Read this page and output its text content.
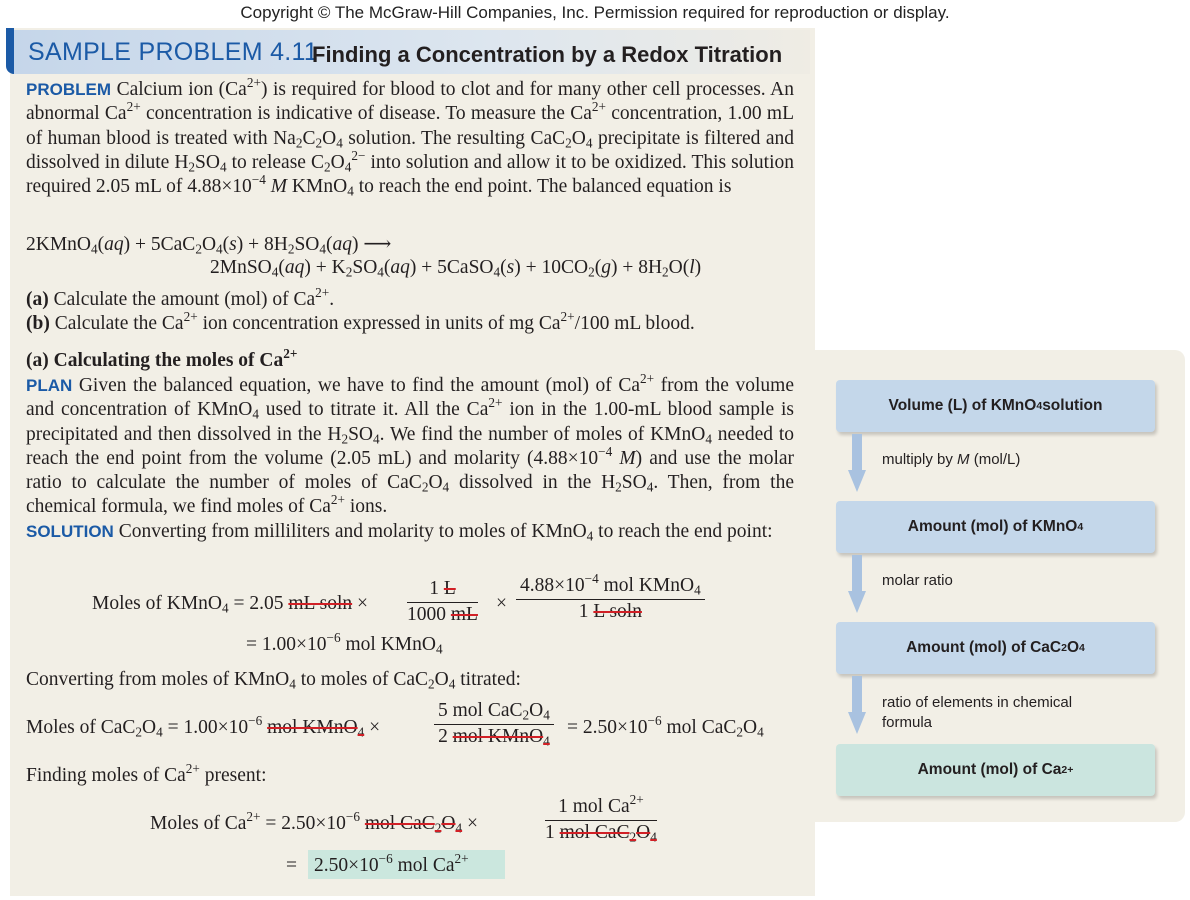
Copyright © The McGraw-Hill Companies, Inc. Permission required for reproduction or display.
SAMPLE PROBLEM 4.11
Finding a Concentration by a Redox Titration
PROBLEM Calcium ion $(Ca^{2+})$ is required for blood to clot and for many other cell processes. An abnormal $Ca^{2+}$ concentration is indicative of disease. To measure the $Ca^{2+}$ concentration, 1.00 mL of human blood is treated with $Na_2C_2O_4$ solution. The resulting $CaC_2O_4$ precipitate is filtered and dissolved in dilute $H_2SO_4$ to release $C_2O_4^{2-}$ into solution and allow it to be oxidized. This solution required 2.05 mL of $4.88\times 10^{-4}$ M KMnO$_4$ to reach the end point. The balanced equation is
2KMnO$_4$(aq) + $5CaC_2O_4(s) + 8H_2SO_4(aq)$ ⟶
2MnSO$_4$(aq) + $K_2SO_4(aq)$ + 5CaSO$_4$(s) + $10CO_2(g) + 8H_2O(l)$
(a) Calculate the amount (mol) of $Ca^{2+}$.
(b) Calculate the $Ca^{2+}$ ion concentration expressed in units of mg $Ca^{2+}/100$ mL blood.
(a) Calculating the moles of $Ca^{2+}$
PLAN Given the balanced equation, we have to find the amount (mol) of $Ca^{2+}$ from the volume and concentration of KMnO$_4$ used to titrate it. All the $Ca^{2+}$ ion in the 1.00-mL blood sample is precipitated and then dissolved in the $H_2SO_4$. We find the number of moles of KMnO$_4$ needed to reach the end point from the volume (2.05 mL) and molarity ($4.88\times 10^{-4}$ M) and use the molar ratio to calculate the number of moles of $CaC_2O_4$ dissolved in the $H_2SO_4$. Then, from the chemical formula, we find moles of $Ca^{2+}$ ions.
SOLUTION Converting from milliliters and molarity to moles of KMnO$_4$ to reach the end point:
Moles of KMnO$_4$ = 2.05 mL $soln \times \frac{1 L}{1000 mL}$ ×
$4.88\times 10^{-4}$ mol KMnO$_4$
1 L soln
= $1.00\times 10^{-6}$ mol KMnO$_4$
Converting from moles of KMnO$_4$ to moles of $CaC_2O_4$ titrated:
Moles of $CaC_2O_4 = 1.00\times 10^{-6}$ mol KMnO$_4$ ×
5 mol $CaC_2O_4$
2 mol KMnO$_4$
= $2.50\times 10^{-6}$ mol $CaC_2O_4$
Finding moles of $Ca^{2+}$ present:
Moles of $Ca^{2+} = 2.50\times 10^{-6}$ mol $CaC_2O_4$ ×
1 mol $Ca^{2+}$
1 mol $CaC_2O_4$
= $2.50\times 10^{-6}$ mol $Ca^{2+}$
Volume (L) of KMnO 4 solution
multiply by M (mol/L)
Amount (mol) of KMnO 4
molar ratio
Amount (mol) of CaC 2 O 4
ratio of elements in chemical
formula
Amount (mol) of Ca 2+
